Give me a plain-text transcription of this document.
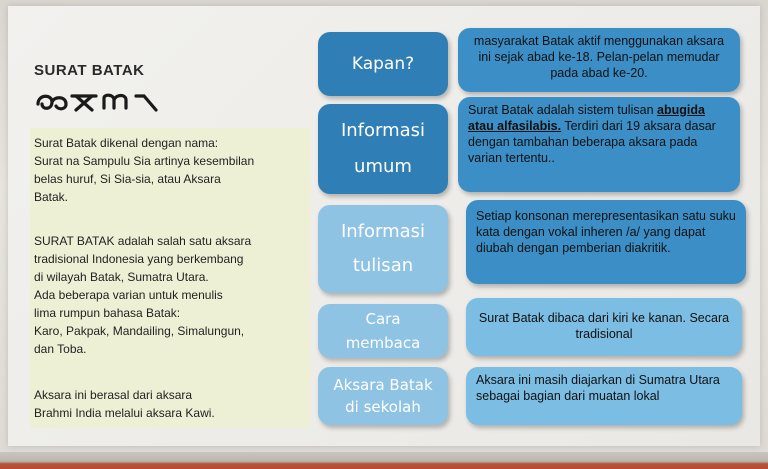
SURAT BATAK
Surat Batak dikenal dengan nama:
Surat na Sampulu Sia artinya kesembilan
belas huruf, Si Sia-sia, atau Aksara
Batak.
SURAT BATAK adalah salah satu aksara
tradisional Indonesia yang berkembang
di wilayah Batak, Sumatra Utara.
Ada beberapa varian untuk menulis
lima rumpun bahasa Batak:
Karo, Pakpak, Mandailing, Simalungun,
dan Toba.
Aksara ini berasal dari aksara
Brahmi India melalui aksara Kawi.
Kapan?
masyarakat Batak aktif menggunakan aksara ini sejak abad ke-18. Pelan-pelan memudar pada abad ke-20.
Informasi umum
Surat Batak adalah sistem tulisan abugida atau alfasilabis. Terdiri dari 19 aksara dasar dengan tambahan beberapa aksara pada varian tertentu..
Informasi tulisan
Setiap konsonan merepresentasikan satu suku kata dengan vokal inheren /a/ yang dapat diubah dengan pemberian diakritik.
Cara membaca
Surat Batak dibaca dari kiri ke kanan. Secara tradisional
Aksara Batak di sekolah
Aksara ini masih diajarkan di Sumatra Utara sebagai bagian dari muatan lokal
